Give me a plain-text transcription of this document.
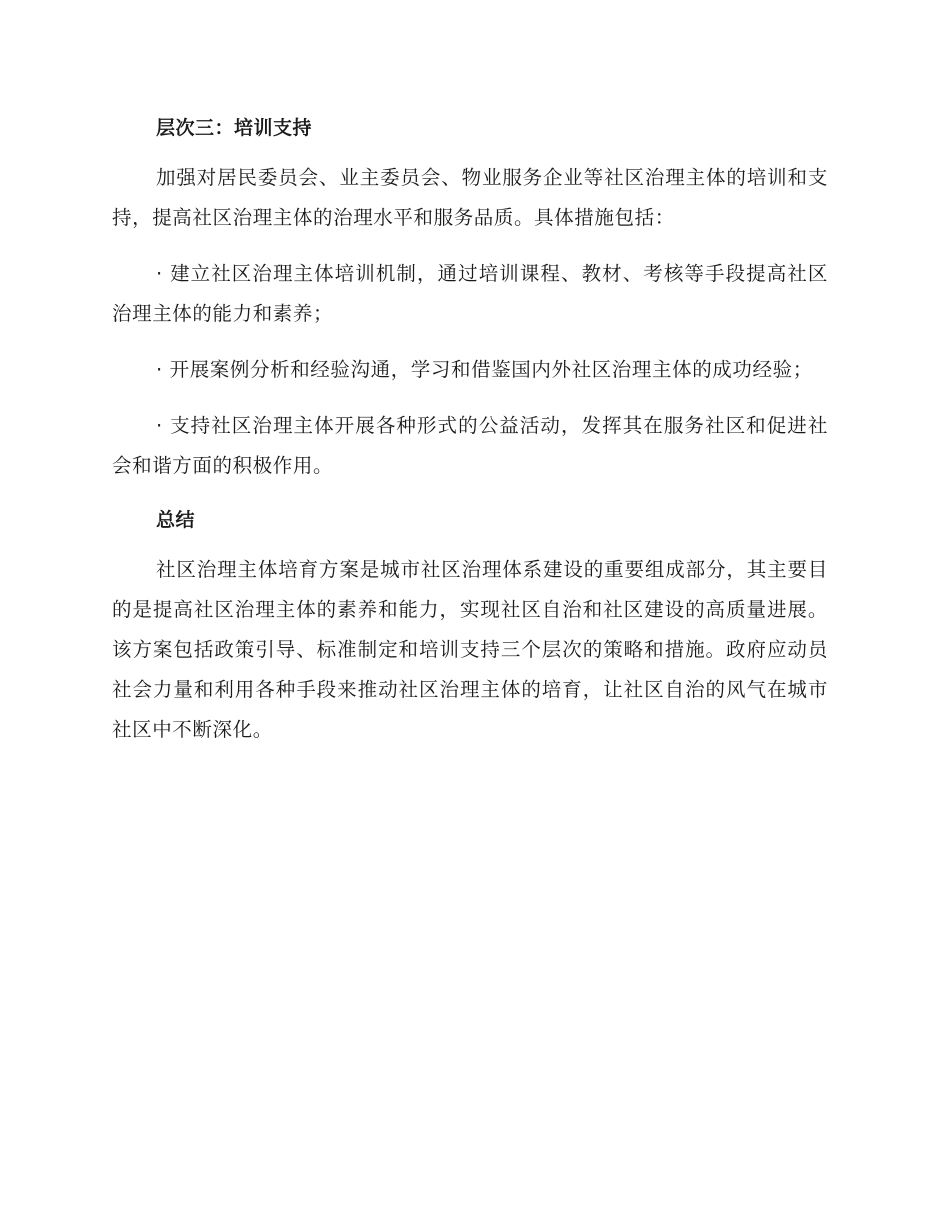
层次三：培训支持

加强对居民委员会、业主委员会、物业服务企业等社区治理主体的培训和支持，提高社区治理主体的治理水平和服务品质。具体措施包括：

· 建立社区治理主体培训机制，通过培训课程、教材、考核等手段提高社区治理主体的能力和素养；

· 开展案例分析和经验沟通，学习和借鉴国内外社区治理主体的成功经验；

· 支持社区治理主体开展各种形式的公益活动，发挥其在服务社区和促进社会和谐方面的积极作用。

总结

社区治理主体培育方案是城市社区治理体系建设的重要组成部分，其主要目的是提高社区治理主体的素养和能力，实现社区自治和社区建设的高质量进展。该方案包括政策引导、标准制定和培训支持三个层次的策略和措施。政府应动员社会力量和利用各种手段来推动社区治理主体的培育，让社区自治的风气在城市社区中不断深化。
